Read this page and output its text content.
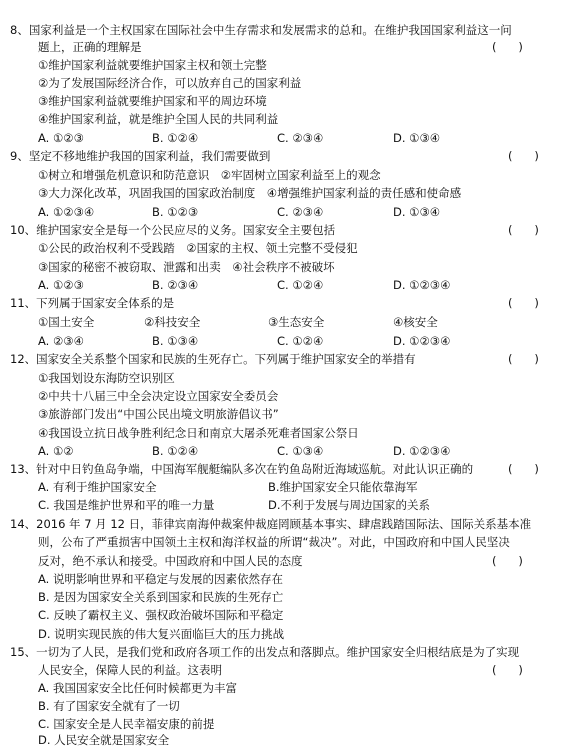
8、国家利益是一个主权国家在国际社会中生存需求和发展需求的总和。在维护我国国家利益这一问
题上，正确的理解是	(      )
①维护国家利益就要维护国家主权和领土完整
②为了发展国际经济合作，可以放弃自己的国家利益
③维护国家利益就要维护国家和平的周边环境
④维护国家利益，就是维护全国人民的共同利益
A. ①②③	B. ①②④	C. ②③④	D. ①③④
9、坚定不移地维护我国的国家利益，我们需要做到	(      )
①树立和增强危机意识和防范意识　②牢固树立国家利益至上的观念
③大力深化改革，巩固我国的国家政治制度　④增强维护国家利益的责任感和使命感
A. ①②③④	B. ①②③	C. ②③④	D. ①③④
10、维护国家安全是每一个公民应尽的义务。国家安全主要包括	(      )
①公民的政治权利不受践踏　②国家的主权、领土完整不受侵犯
③国家的秘密不被窃取、泄露和出卖　④社会秩序不被破坏
A. ①②③	B. ②③④	C. ①②④	D. ①②③④
11、下列属于国家安全体系的是	(      )
①国土安全	②科技安全	③生态安全	④核安全
A. ②③④	B. ①③④	C. ①②④	D. ①②③④
12、国家安全关系整个国家和民族的生死存亡。下列属于维护国家安全的举措有	(      )
①我国划设东海防空识别区
②中共十八届三中全会决定设立国家安全委员会
③旅游部门发出“中国公民出境文明旅游倡议书”
④我国设立抗日战争胜利纪念日和南京大屠杀死难者国家公祭日
A. ①②	B. ①②④	C. ①③④	D. ①②③④
13、针对中日钓鱼岛争端，中国海军舰艇编队多次在钓鱼岛附近海域巡航。对此认识正确的	(      )
A. 有利于维护国家安全	B.维护国家安全只能依靠海军
C. 我国是维护世界和平的唯一力量	D.不利于发展与周边国家的关系
14、2016 年 7 月 12 日，菲律宾南海仲裁案仲裁庭罔顾基本事实、肆虐践踏国际法、国际关系基本准
则，公布了严重损害中国领土主权和海洋权益的所谓“裁决”。对此，中国政府和中国人民坚决
反对，绝不承认和接受。中国政府和中国人民的态度	(      )
A. 说明影响世界和平稳定与发展的因素依然存在
B. 是因为国家安全关系到国家和民族的生死存亡
C. 反映了霸权主义、强权政治破坏国际和平稳定
D. 说明实现民族的伟大复兴面临巨大的压力挑战
15、一切为了人民，是我们党和政府各项工作的出发点和落脚点。维护国家安全归根结底是为了实现
人民安全，保障人民的利益。这表明	(      )
A. 我国国家安全比任何时候都更为丰富
B. 有了国家安全就有了一切
C. 国家安全是人民幸福安康的前提
D. 人民安全就是国家安全
